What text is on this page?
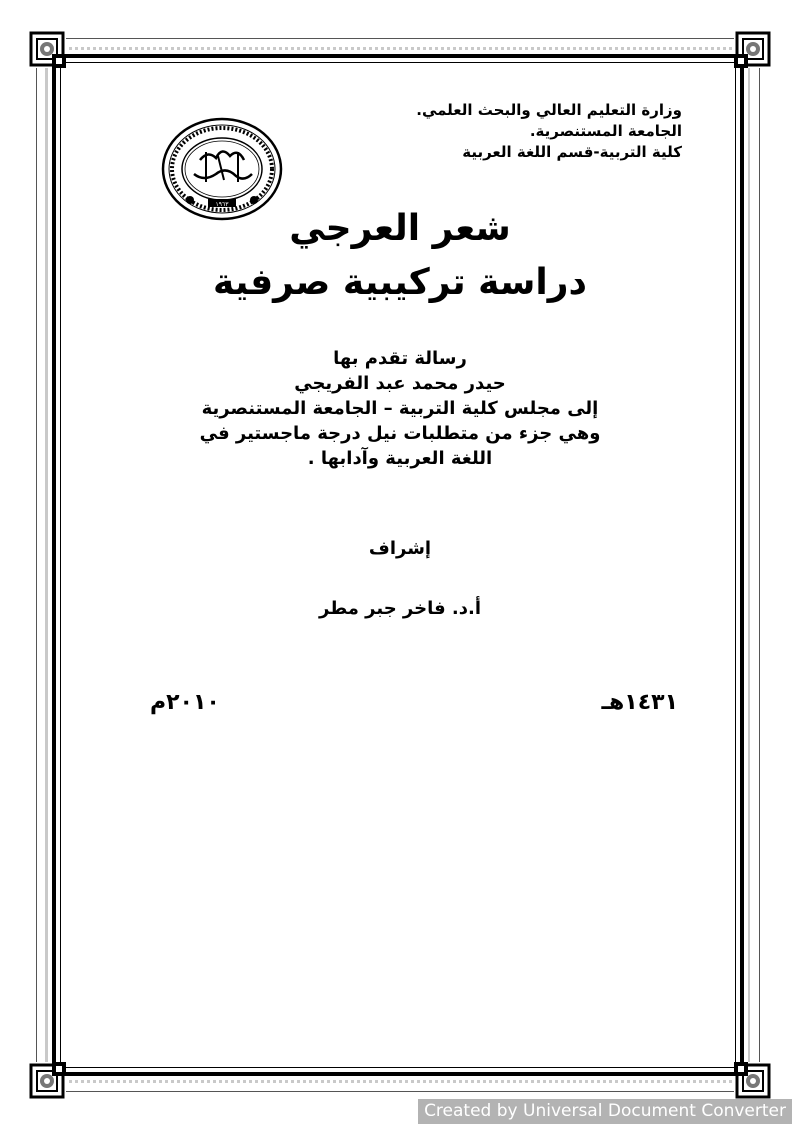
وزارة التعليم العالي والبحث العلمي.
الجامعة المستنصرية.
كلية التربية-قسم اللغة العربية
١٩٦٣
شعر العرجي
دراسة تركيبية صرفية
رسالة تقدم بها
حيدر محمد عبد الفريجي
إلى مجلس كلية التربية – الجامعة المستنصرية
وهي جزء من متطلبات نيل درجة ماجستير في
اللغة العربية وآدابها .
إشراف
أ.د. فاخر جبر مطر
١٤٣١هـ
٢٠١٠م
Created by Universal Document Converter
